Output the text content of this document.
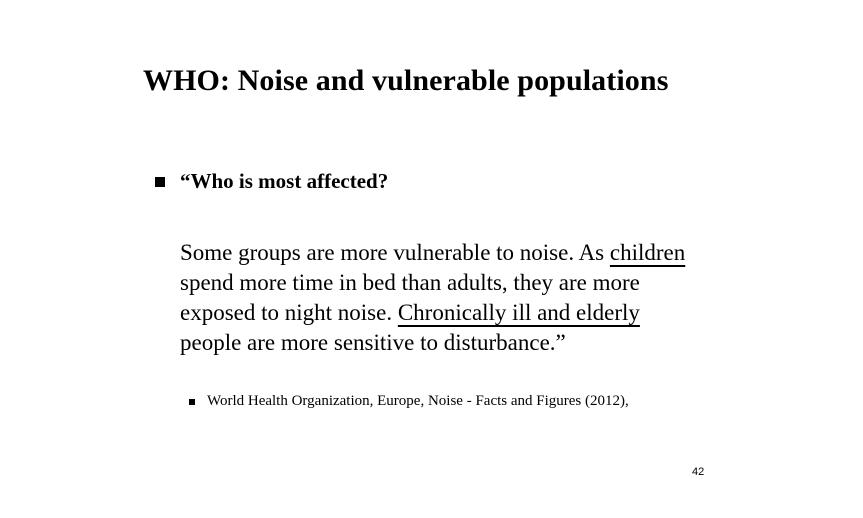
WHO: Noise and vulnerable populations
“Who is most affected?
Some groups are more vulnerable to noise. As children
spend more time in bed than adults, they are more
exposed to night noise. Chronically ill and elderly
people are more sensitive to disturbance.”
World Health Organization, Europe, Noise - Facts and Figures (2012),
42
